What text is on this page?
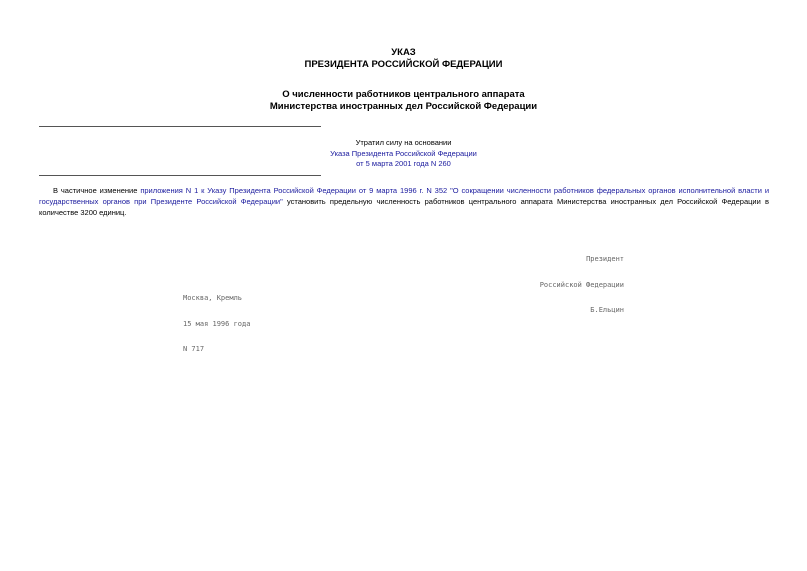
УКАЗ
ПРЕЗИДЕНТА РОССИЙСКОЙ ФЕДЕРАЦИИ
О численности работников центрального аппарата
Министерства иностранных дел Российской Федерации
Утратил силу на основании
Указа Президента Российской Федерации
от 5 марта 2001 года N 260
В частичное изменение приложения N 1 к Указу Президента Российской Федерации от 9 марта 1996 г. N 352 "О сокращении численности работников федеральных органов исполнительной власти и государственных органов при Президенте Российской Федерации" установить предельную численность работников центрального аппарата Министерства иностранных дел Российской Федерации в количестве 3200 единиц.

Президент

Российской Федерации

Б.Ельцин

Москва, Кремль

15 мая 1996 года

N 717
